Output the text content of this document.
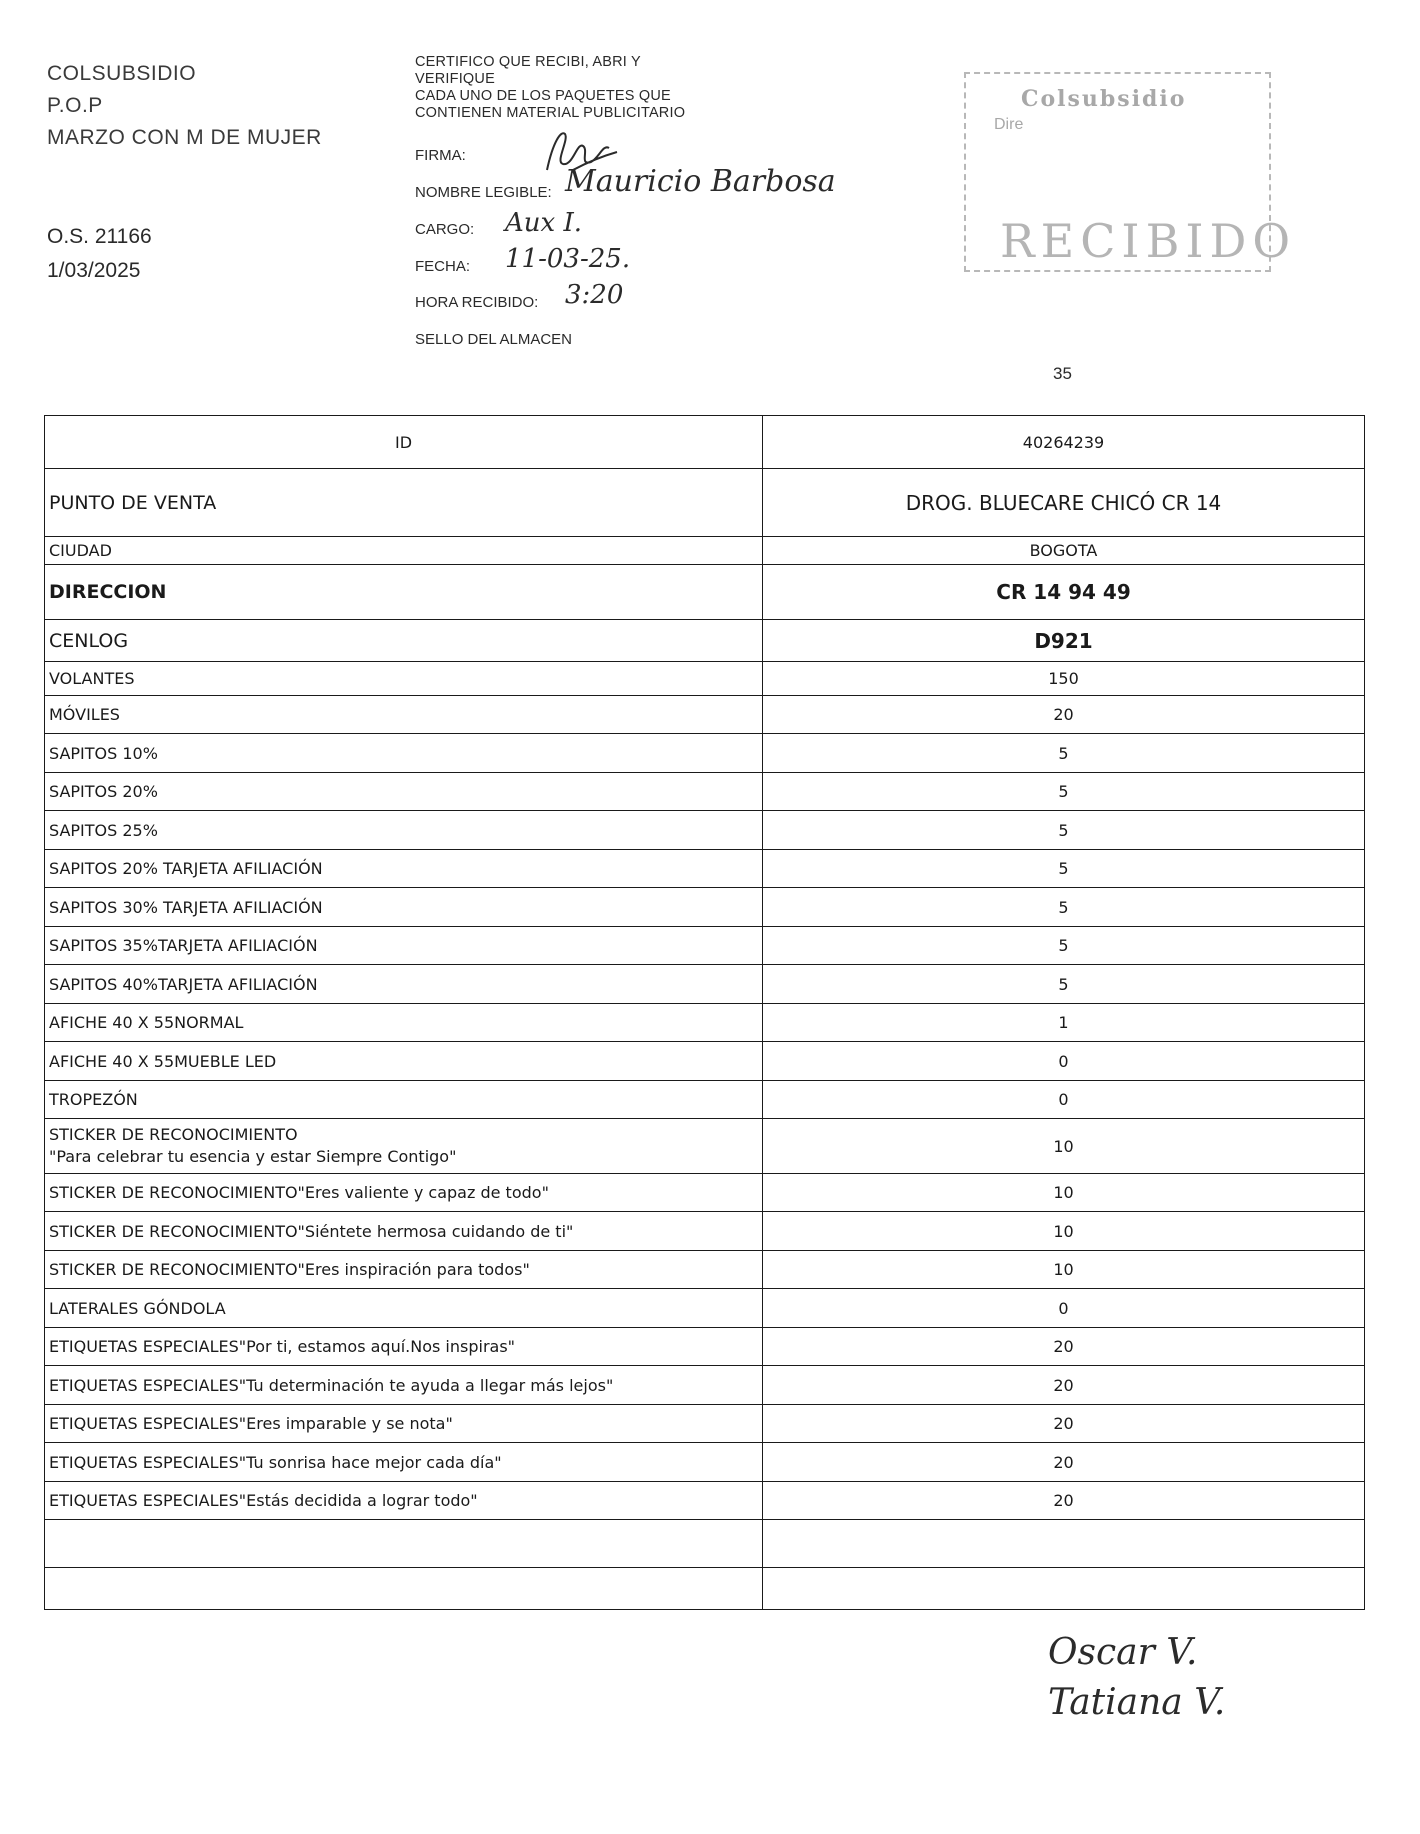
COLSUBSIDIO
P.O.P
MARZO CON M DE MUJER
O.S. 21166
1/03/2025
CERTIFICO QUE RECIBI, ABRI Y
VERIFIQUE
CADA UNO DE LOS PAQUETES QUE
CONTIENEN MATERIAL PUBLICITARIO
FIRMA:
NOMBRE LEGIBLE: Mauricio Barbosa
CARGO: Aux I.
FECHA: 11-03-25.
HORA RECIBIDO: 3:20
SELLO DEL ALMACEN
Colsubsidio
Dire
RECIBIDO
35
ID	40264239
PUNTO DE VENTA	DROG. BLUECARE CHICÓ CR 14
CIUDAD	BOGOTA
DIRECCION	CR 14 94 49
CENLOG	D921
VOLANTES	150
MÓVILES	20
SAPITOS 10%	5
SAPITOS 20%	5
SAPITOS 25%	5
SAPITOS 20% TARJETA AFILIACIÓN	5
SAPITOS 30% TARJETA AFILIACIÓN	5
SAPITOS 35%TARJETA AFILIACIÓN	5
SAPITOS 40%TARJETA AFILIACIÓN	5
AFICHE 40 X 55NORMAL	1
AFICHE 40 X 55MUEBLE LED	0
TROPEZÓN	0

STICKER DE RECONOCIMIENTO
"Para celebrar tu esencia y estar Siempre Contigo"	10
STICKER DE RECONOCIMIENTO"Eres valiente y capaz de todo"	10
STICKER DE RECONOCIMIENTO"Siéntete hermosa cuidando de ti"	10
STICKER DE RECONOCIMIENTO"Eres inspiración para todos"	10
LATERALES GÓNDOLA	0
ETIQUETAS ESPECIALES"Por ti, estamos aquí.Nos inspiras"	20
ETIQUETAS ESPECIALES"Tu determinación te ayuda a llegar más lejos"	20
ETIQUETAS ESPECIALES"Eres imparable y se nota"	20
ETIQUETAS ESPECIALES"Tu sonrisa hace mejor cada día"	20
ETIQUETAS ESPECIALES"Estás decidida a lograr todo"	20

Oscar V.
Tatiana V.
